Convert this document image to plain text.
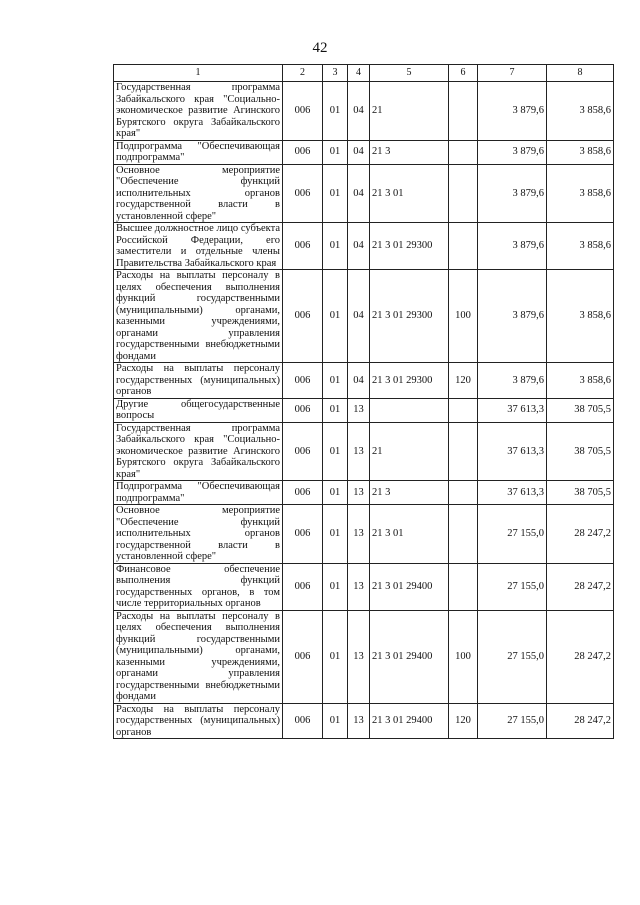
42
1	2	3	4	5	6	7	8
Государственная программа Забайкальского края "Социально-экономическое развитие Агинского Бурятского округа Забайкальского края"	006	01	04	21		3 879,6	3 858,6
Подпрограмма "Обеспечивающая подпрограмма"	006	01	04	21 3		3 879,6	3 858,6
Основное мероприятие "Обеспечение функций исполнительных органов государственной власти в установленной сфере"	006	01	04	21 3 01		3 879,6	3 858,6
Высшее должностное лицо субъекта Российской Федерации, его заместители и отдельные члены Правительства Забайкальского края	006	01	04	21 3 01 29300		3 879,6	3 858,6
Расходы на выплаты персоналу в целях обеспечения выполнения функций государственными (муниципальными) органами, казенными учреждениями, органами управления государственными внебюджетными фондами	006	01	04	21 3 01 29300	100	3 879,6	3 858,6
Расходы на выплаты персоналу государственных (муниципальных) органов	006	01	04	21 3 01 29300	120	3 879,6	3 858,6
Другие общегосударственные вопросы	006	01	13			37 613,3	38 705,5
Государственная программа Забайкальского края "Социально-экономическое развитие Агинского Бурятского округа Забайкальского края"	006	01	13	21		37 613,3	38 705,5
Подпрограмма "Обеспечивающая подпрограмма"	006	01	13	21 3		37 613,3	38 705,5
Основное мероприятие "Обеспечение функций исполнительных органов государственной власти в установленной сфере"	006	01	13	21 3 01		27 155,0	28 247,2
Финансовое обеспечение выполнения функций государственных органов, в том числе территориальных органов	006	01	13	21 3 01 29400		27 155,0	28 247,2
Расходы на выплаты персоналу в целях обеспечения выполнения функций государственными (муниципальными) органами, казенными учреждениями, органами управления государственными внебюджетными фондами	006	01	13	21 3 01 29400	100	27 155,0	28 247,2
Расходы на выплаты персоналу государственных (муниципальных) органов	006	01	13	21 3 01 29400	120	27 155,0	28 247,2
